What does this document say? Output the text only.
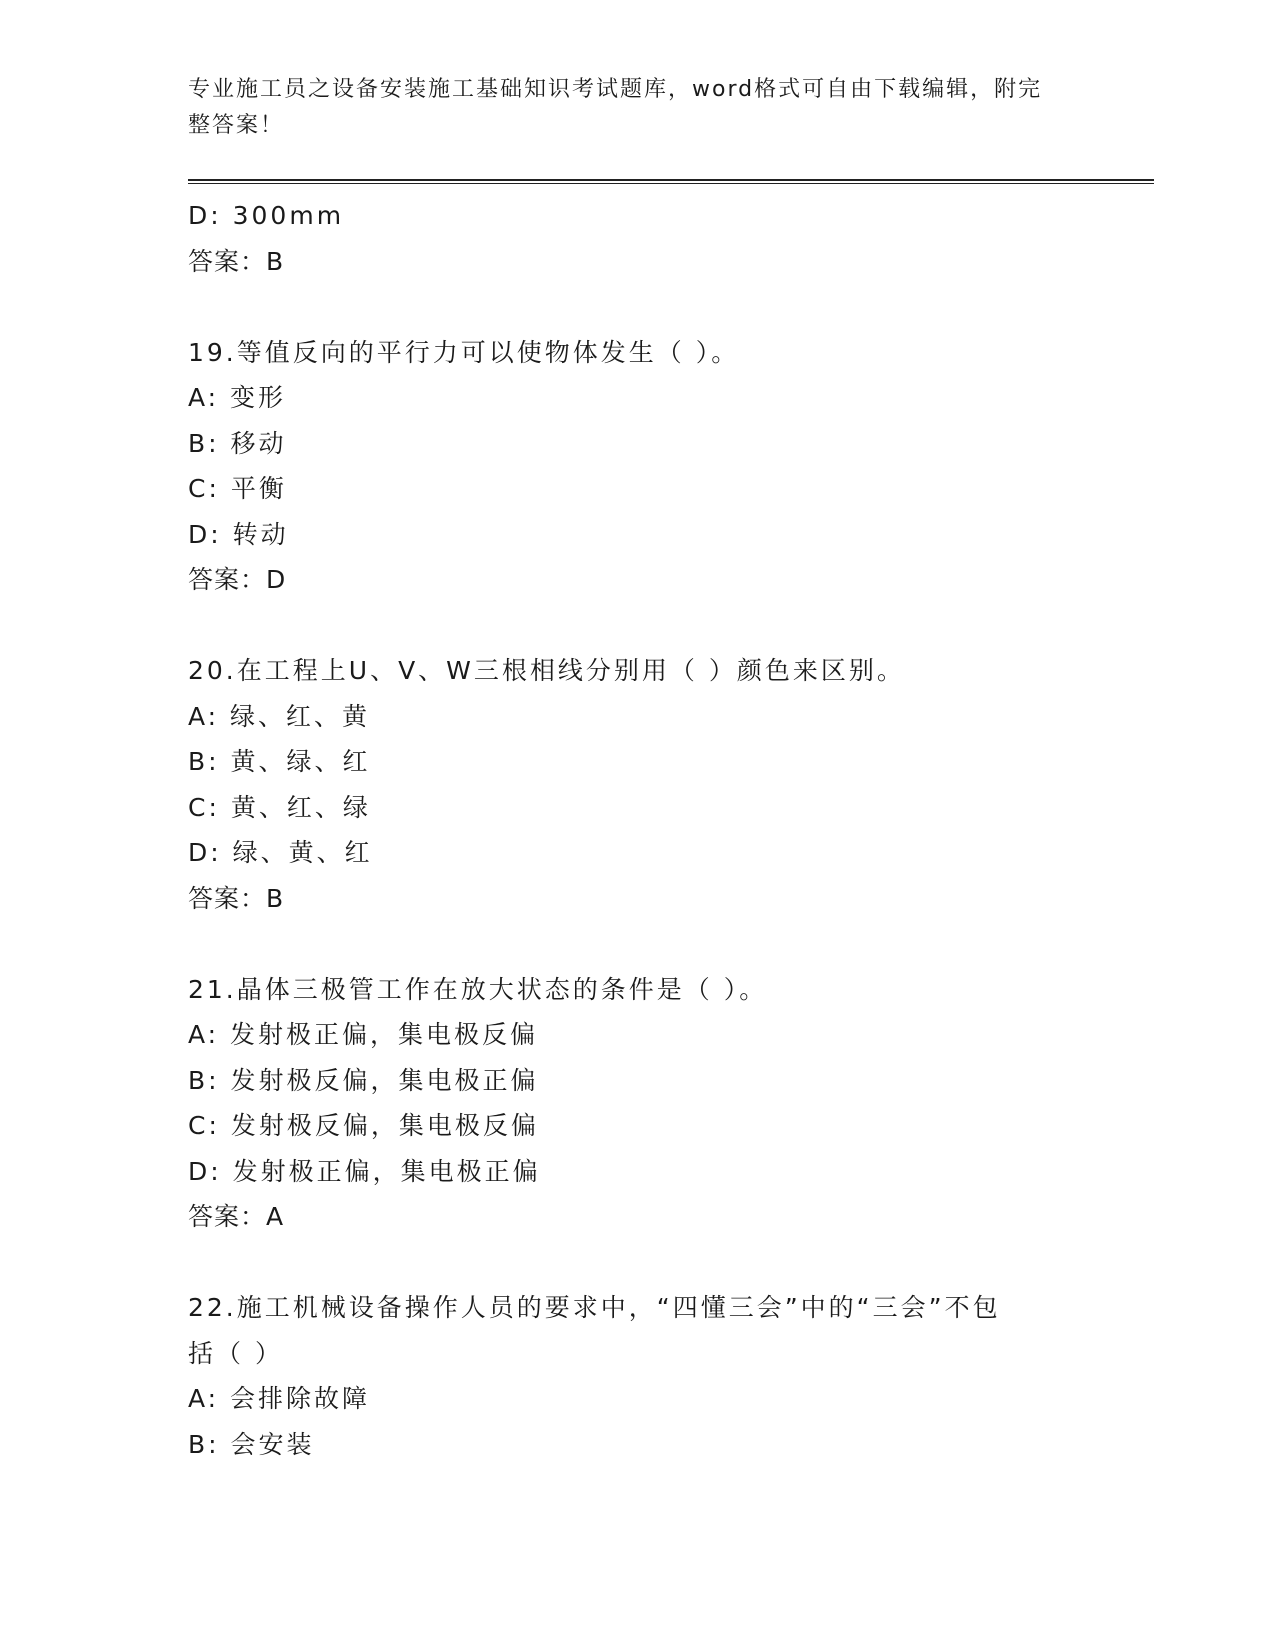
专业施工员之设备安装施工基础知识考试题库，word格式可自由下载编辑，附完
整答案！
D: 300mm
答案：B
19.等值反向的平行力可以使物体发生（ ）。
A: 变形
B: 移动
C: 平衡
D: 转动
答案：D
20.在工程上U、V、W三根相线分别用（ ）颜色来区别。
A: 绿、红、黄
B: 黄、绿、红
C: 黄、红、绿
D: 绿、黄、红
答案：B
21.晶体三极管工作在放大状态的条件是（ ）。
A: 发射极正偏，集电极反偏
B: 发射极反偏，集电极正偏
C: 发射极反偏，集电极反偏
D: 发射极正偏，集电极正偏
答案：A
22.施工机械设备操作人员的要求中，“四懂三会”中的“三会”不包
括（ ）
A: 会排除故障
B: 会安装
